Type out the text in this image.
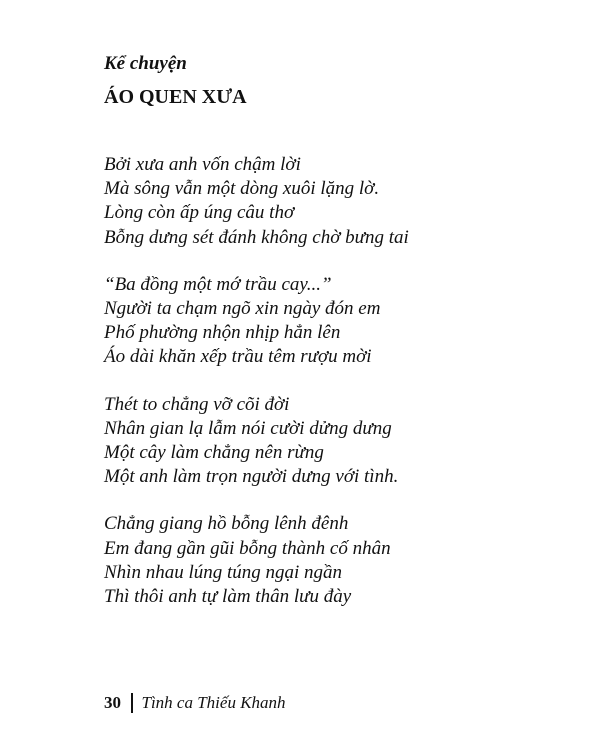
Kể chuyện
ÁO QUEN XƯA
Bởi xưa anh vốn chậm lời
Mà sông vẫn một dòng xuôi lặng lờ.
Lòng còn ấp úng câu thơ
Bỗng dưng sét đánh không chờ bưng tai
“Ba đồng một mớ trầu cay...”
Người ta chạm ngõ xin ngày đón em
Phố phường nhộn nhịp hẳn lên
Áo dài khăn xếp trầu têm rượu mời
Thét to chẳng vỡ cõi đời
Nhân gian lạ lẫm nói cười dửng dưng
Một cây làm chẳng nên rừng
Một anh làm trọn người dưng với tình.
Chẳng giang hồ bỗng lênh đênh
Em đang gần gũi bỗng thành cố nhân
Nhìn nhau lúng túng ngại ngần
Thì thôi anh tự làm thân lưu đày
30 Tình ca Thiếu Khanh
